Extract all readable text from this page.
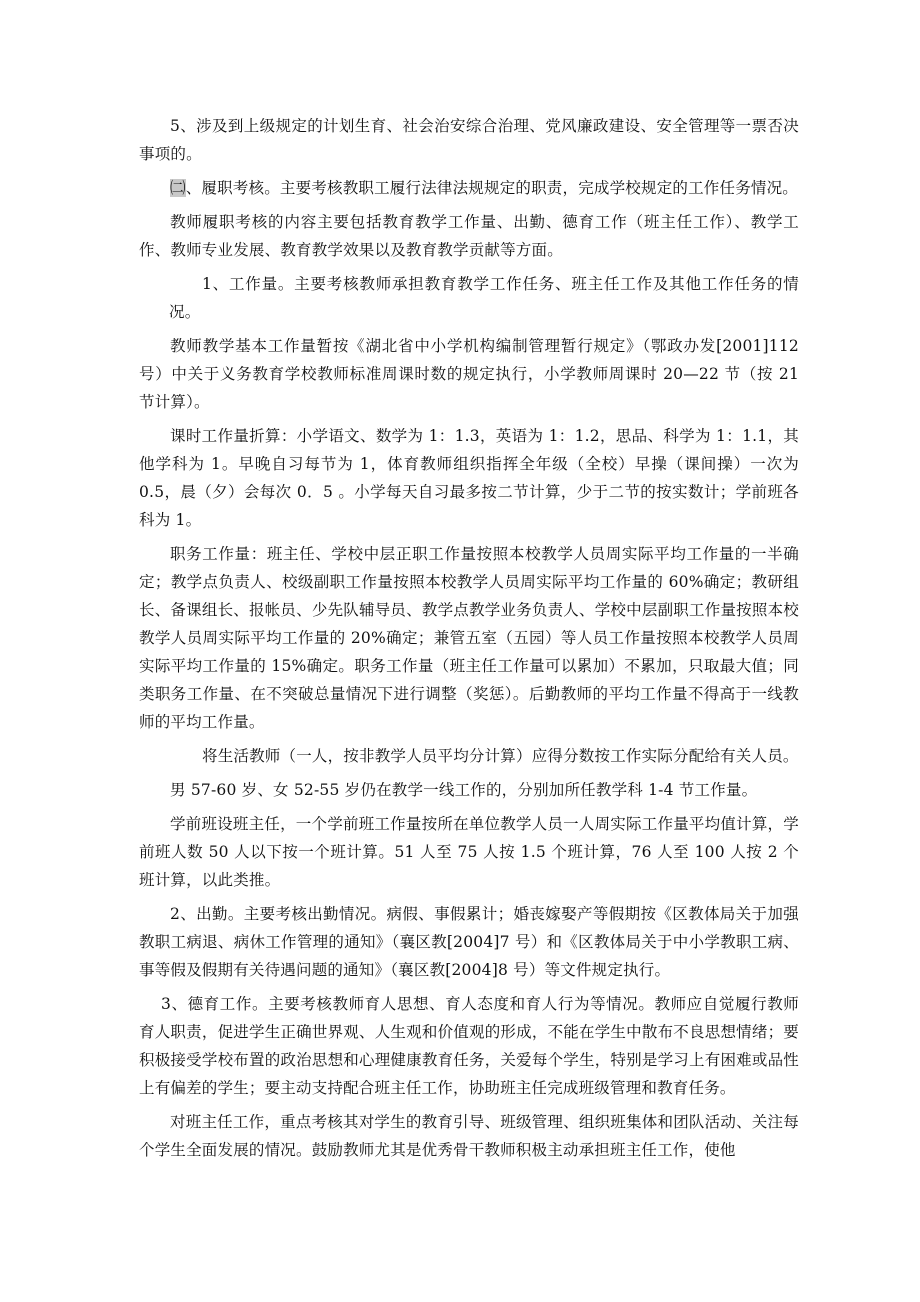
5、涉及到上级规定的计划生育、社会治安综合治理、党风廉政建设、安全管理等一票否决事项的。

㈡、履职考核。主要考核教职工履行法律法规规定的职责，完成学校规定的工作任务情况。

教师履职考核的内容主要包括教育教学工作量、出勤、德育工作（班主任工作）、教学工作、教师专业发展、教育教学效果以及教育教学贡献等方面。

1、工作量。主要考核教师承担教育教学工作任务、班主任工作及其他工作任务的情况。

教师教学基本工作量暂按《湖北省中小学机构编制管理暂行规定》（鄂政办发[2001]112号）中关于义务教育学校教师标准周课时数的规定执行，小学教师周课时 20—22 节（按 21 节计算）。

课时工作量折算：小学语文、数学为 1：1.3，英语为 1：1.2，思品、科学为 1：1.1，其他学科为 1。早晚自习每节为 1，体育教师组织指挥全年级（全校）早操（课间操）一次为 0.5，晨（夕）会每次 0．5 。小学每天自习最多按二节计算，少于二节的按实数计；学前班各科为 1。

职务工作量：班主任、学校中层正职工作量按照本校教学人员周实际平均工作量的一半确定；教学点负责人、校级副职工作量按照本校教学人员周实际平均工作量的 60%确定；教研组长、备课组长、报帐员、少先队辅导员、教学点教学业务负责人、学校中层副职工作量按照本校教学人员周实际平均工作量的 20%确定；兼管五室（五园）等人员工作量按照本校教学人员周实际平均工作量的 15%确定。职务工作量（班主任工作量可以累加）不累加，只取最大值；同类职务工作量、在不突破总量情况下进行调整（奖惩）。后勤教师的平均工作量不得高于一线教师的平均工作量。

将生活教师（一人，按非教学人员平均分计算）应得分数按工作实际分配给有关人员。

男 57-60 岁、女 52-55 岁仍在教学一线工作的，分别加所任教学科 1-4 节工作量。

学前班设班主任，一个学前班工作量按所在单位教学人员一人周实际工作量平均值计算，学前班人数 50 人以下按一个班计算。51 人至 75 人按 1.5 个班计算，76 人至 100 人按 2 个班计算，以此类推。

2、出勤。主要考核出勤情况。病假、事假累计；婚丧嫁娶产等假期按《区教体局关于加强教职工病退、病休工作管理的通知》（襄区教[2004]7 号）和《区教体局关于中小学教职工病、事等假及假期有关待遇问题的通知》（襄区教[2004]8 号）等文件规定执行。

3、德育工作。主要考核教师育人思想、育人态度和育人行为等情况。教师应自觉履行教师育人职责，促进学生正确世界观、人生观和价值观的形成，不能在学生中散布不良思想情绪；要积极接受学校布置的政治思想和心理健康教育任务，关爱每个学生，特别是学习上有困难或品性上有偏差的学生；要主动支持配合班主任工作，协助班主任完成班级管理和教育任务。

对班主任工作，重点考核其对学生的教育引导、班级管理、组织班集体和团队活动、关注每个学生全面发展的情况。鼓励教师尤其是优秀骨干教师积极主动承担班主任工作，使他
